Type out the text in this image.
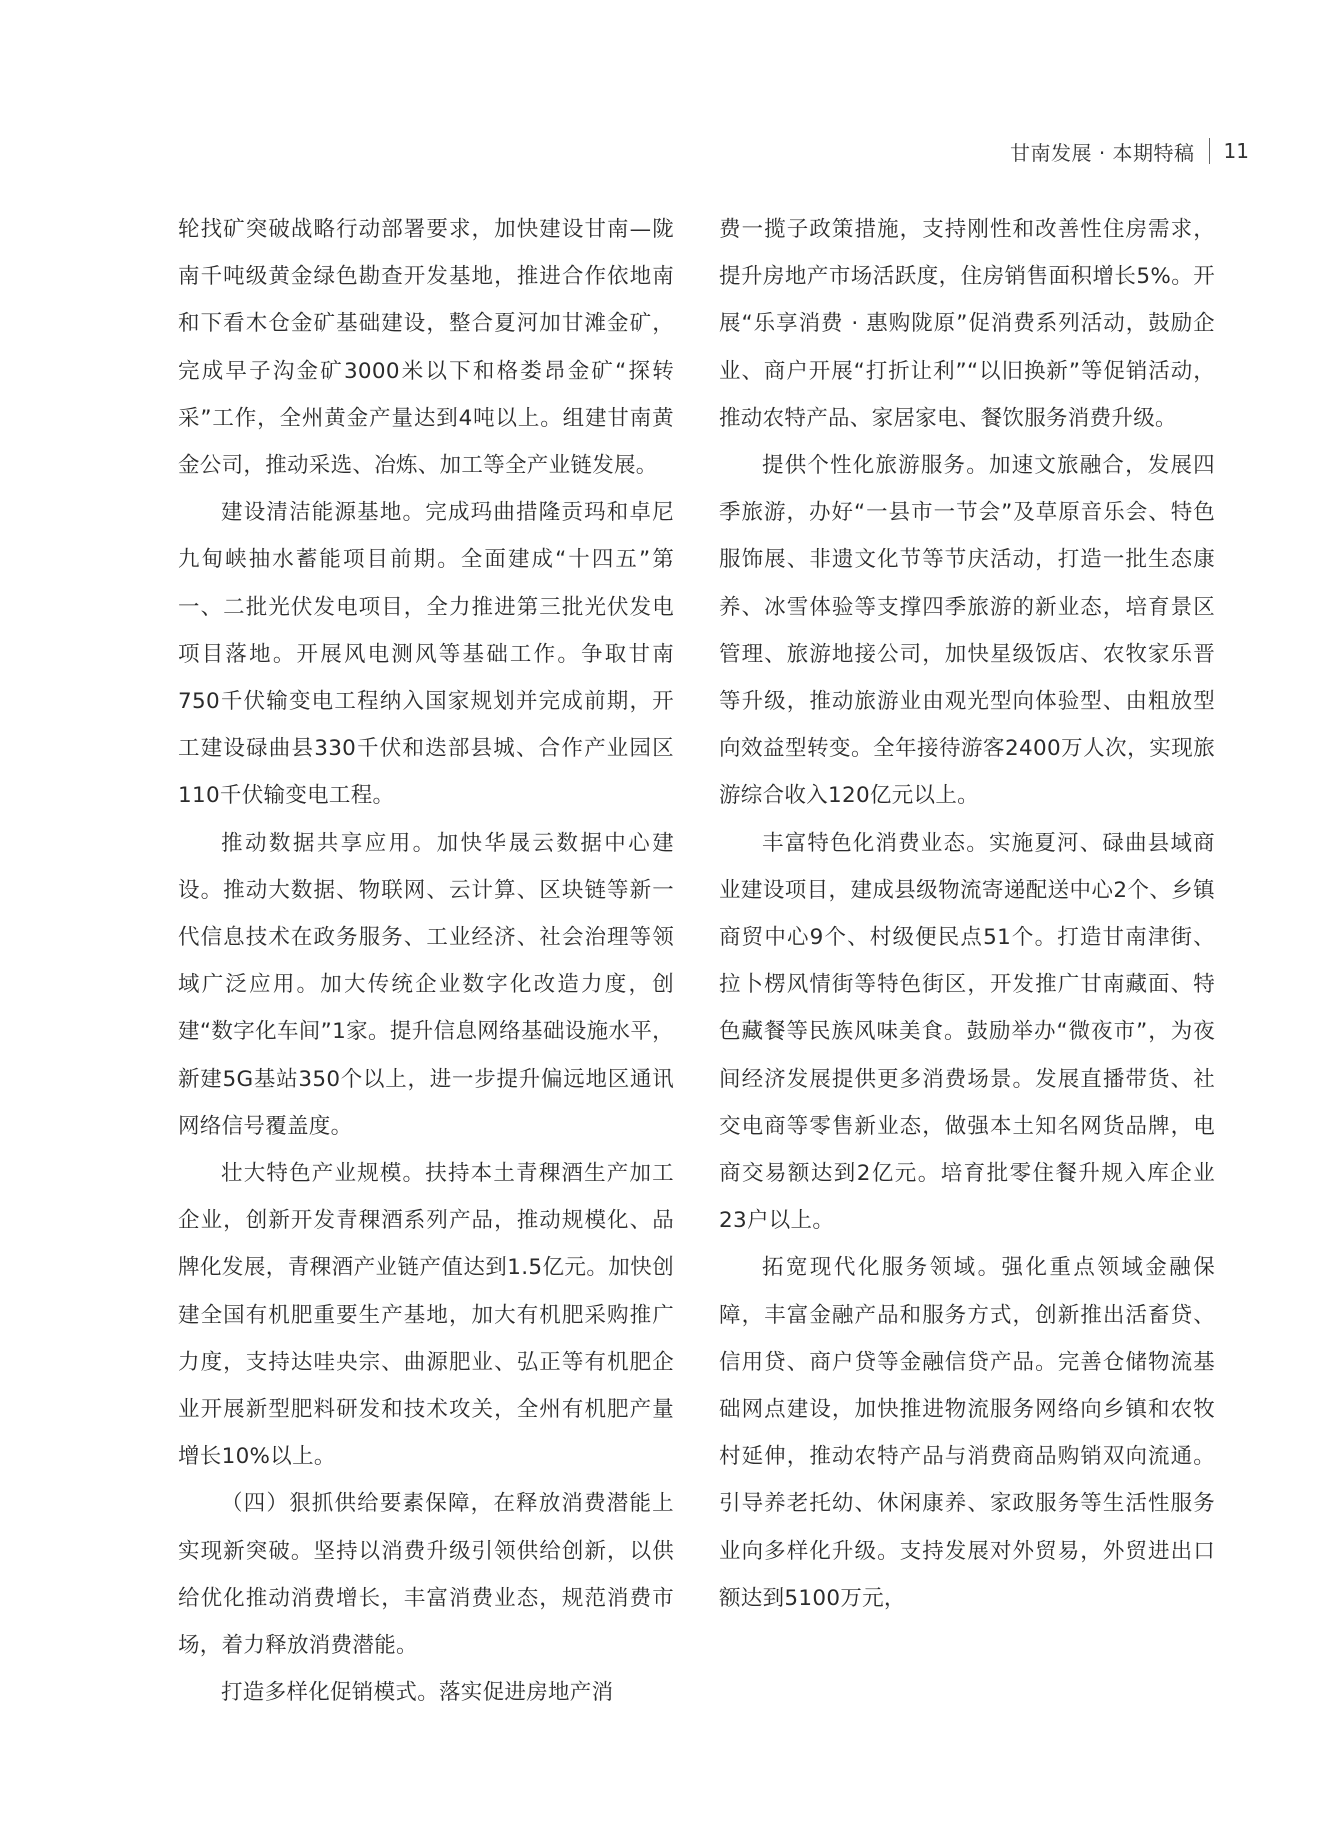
甘南发展 · 本期特稿 11

轮找矿突破战略行动部署要求，加快建设甘南—陇南千吨级黄金绿色勘查开发基地，推进合作依地南和下看木仓金矿基础建设，整合夏河加甘滩金矿，完成早子沟金矿3000米以下和格娄昂金矿“探转采”工作，全州黄金产量达到4吨以上。组建甘南黄金公司，推动采选、冶炼、加工等全产业链发展。

建设清洁能源基地。完成玛曲措隆贡玛和卓尼九甸峡抽水蓄能项目前期。全面建成“十四五”第一、二批光伏发电项目，全力推进第三批光伏发电项目落地。开展风电测风等基础工作。争取甘南750千伏输变电工程纳入国家规划并完成前期，开工建设碌曲县330千伏和迭部县城、合作产业园区110千伏输变电工程。

推动数据共享应用。加快华晟云数据中心建设。推动大数据、物联网、云计算、区块链等新一代信息技术在政务服务、工业经济、社会治理等领域广泛应用。加大传统企业数字化改造力度，创建“数字化车间”1家。提升信息网络基础设施水平，新建5G基站350个以上，进一步提升偏远地区通讯网络信号覆盖度。

壮大特色产业规模。扶持本土青稞酒生产加工企业，创新开发青稞酒系列产品，推动规模化、品牌化发展，青稞酒产业链产值达到1.5亿元。加快创建全国有机肥重要生产基地，加大有机肥采购推广力度，支持达哇央宗、曲源肥业、弘正等有机肥企业开展新型肥料研发和技术攻关，全州有机肥产量增长10%以上。

（四）狠抓供给要素保障，在释放消费潜能上实现新突破。坚持以消费升级引领供给创新，以供给优化推动消费增长，丰富消费业态，规范消费市场，着力释放消费潜能。

打造多样化促销模式。落实促进房地产消

费一揽子政策措施，支持刚性和改善性住房需求，提升房地产市场活跃度，住房销售面积增长5%。开展“乐享消费 · 惠购陇原”促消费系列活动，鼓励企业、商户开展“打折让利”“以旧换新”等促销活动，推动农特产品、家居家电、餐饮服务消费升级。

提供个性化旅游服务。加速文旅融合，发展四季旅游，办好“一县市一节会”及草原音乐会、特色服饰展、非遗文化节等节庆活动，打造一批生态康养、冰雪体验等支撑四季旅游的新业态，培育景区管理、旅游地接公司，加快星级饭店、农牧家乐晋等升级，推动旅游业由观光型向体验型、由粗放型向效益型转变。全年接待游客2400万人次，实现旅游综合收入120亿元以上。

丰富特色化消费业态。实施夏河、碌曲县域商业建设项目，建成县级物流寄递配送中心2个、乡镇商贸中心9个、村级便民点51个。打造甘南津街、拉卜楞风情街等特色街区，开发推广甘南藏面、特色藏餐等民族风味美食。鼓励举办“微夜市”，为夜间经济发展提供更多消费场景。发展直播带货、社交电商等零售新业态，做强本土知名网货品牌，电商交易额达到2亿元。培育批零住餐升规入库企业23户以上。

拓宽现代化服务领域。强化重点领域金融保障，丰富金融产品和服务方式，创新推出活畜贷、信用贷、商户贷等金融信贷产品。完善仓储物流基础网点建设，加快推进物流服务网络向乡镇和农牧村延伸，推动农特产品与消费商品购销双向流通。引导养老托幼、休闲康养、家政服务等生活性服务业向多样化升级。支持发展对外贸易，外贸进出口额达到5100万元，
